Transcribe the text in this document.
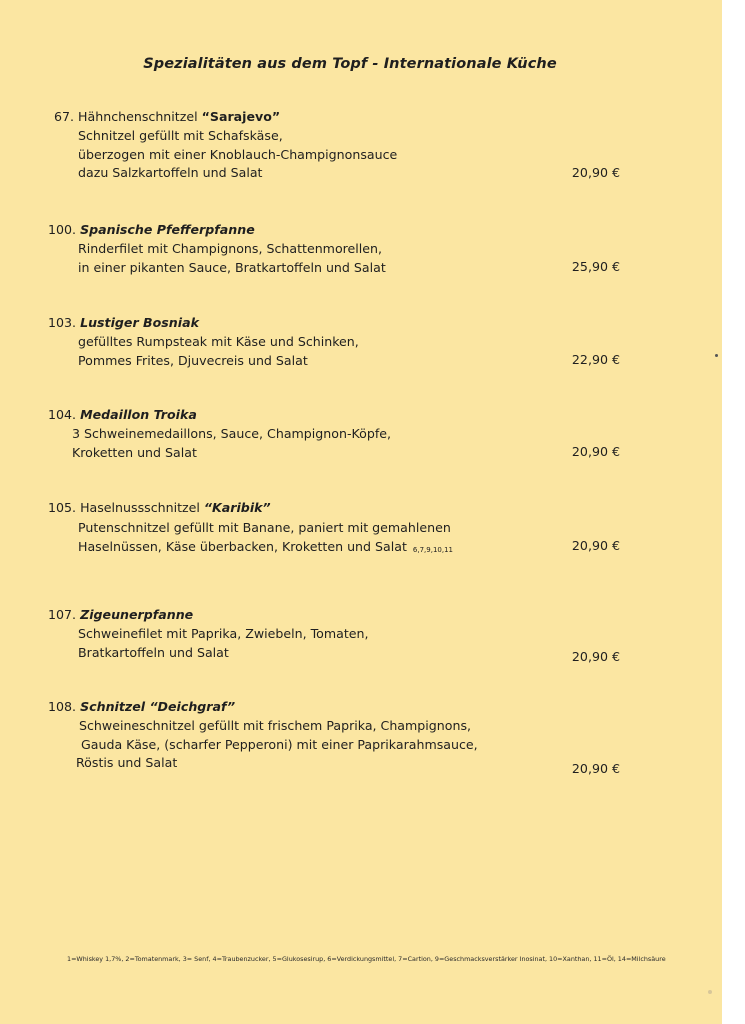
Spezialitäten aus dem Topf - Internationale Küche
67. Hähnchenschnitzel “Sarajevo”
Schnitzel gefüllt mit Schafskäse,
überzogen mit einer Knoblauch-Champignonsauce
dazu Salzkartoffeln und Salat	20,90 €
100. Spanische Pfefferpfanne
Rinderfilet mit Champignons, Schattenmorellen,
in einer pikanten Sauce, Bratkartoffeln und Salat	25,90 €
103. Lustiger Bosniak
gefülltes Rumpsteak mit Käse und Schinken,
Pommes Frites, Djuvecreis und Salat	22,90 €
104. Medaillon Troika
3 Schweinemedaillons, Sauce, Champignon-Köpfe,
Kroketten und Salat	20,90 €
105. Haselnussschnitzel “Karibik”
Putenschnitzel gefüllt mit Banane, paniert mit gemahlenen
Haselnüssen, Käse überbacken, Kroketten und Salat 6,7,9,10,11	20,90 €
107. Zigeunerpfanne
Schweinefilet mit Paprika, Zwiebeln, Tomaten,
Bratkartoffeln und Salat	20,90 €
108. Schnitzel “Deichgraf”
Schweineschnitzel gefüllt mit frischem Paprika, Champignons,
Gauda Käse, (scharfer Pepperoni) mit einer Paprikarahmsauce,
Röstis und Salat	20,90 €
1=Whiskey 1,7%, 2=Tomatenmark, 3= Senf, 4=Traubenzucker, 5=Glukosesirup, 6=Verdickungsmittel, 7=Cartion, 9=Geschmacksverstärker Inosinat, 10=Xanthan, 11=Öl, 14=Milchsäure
